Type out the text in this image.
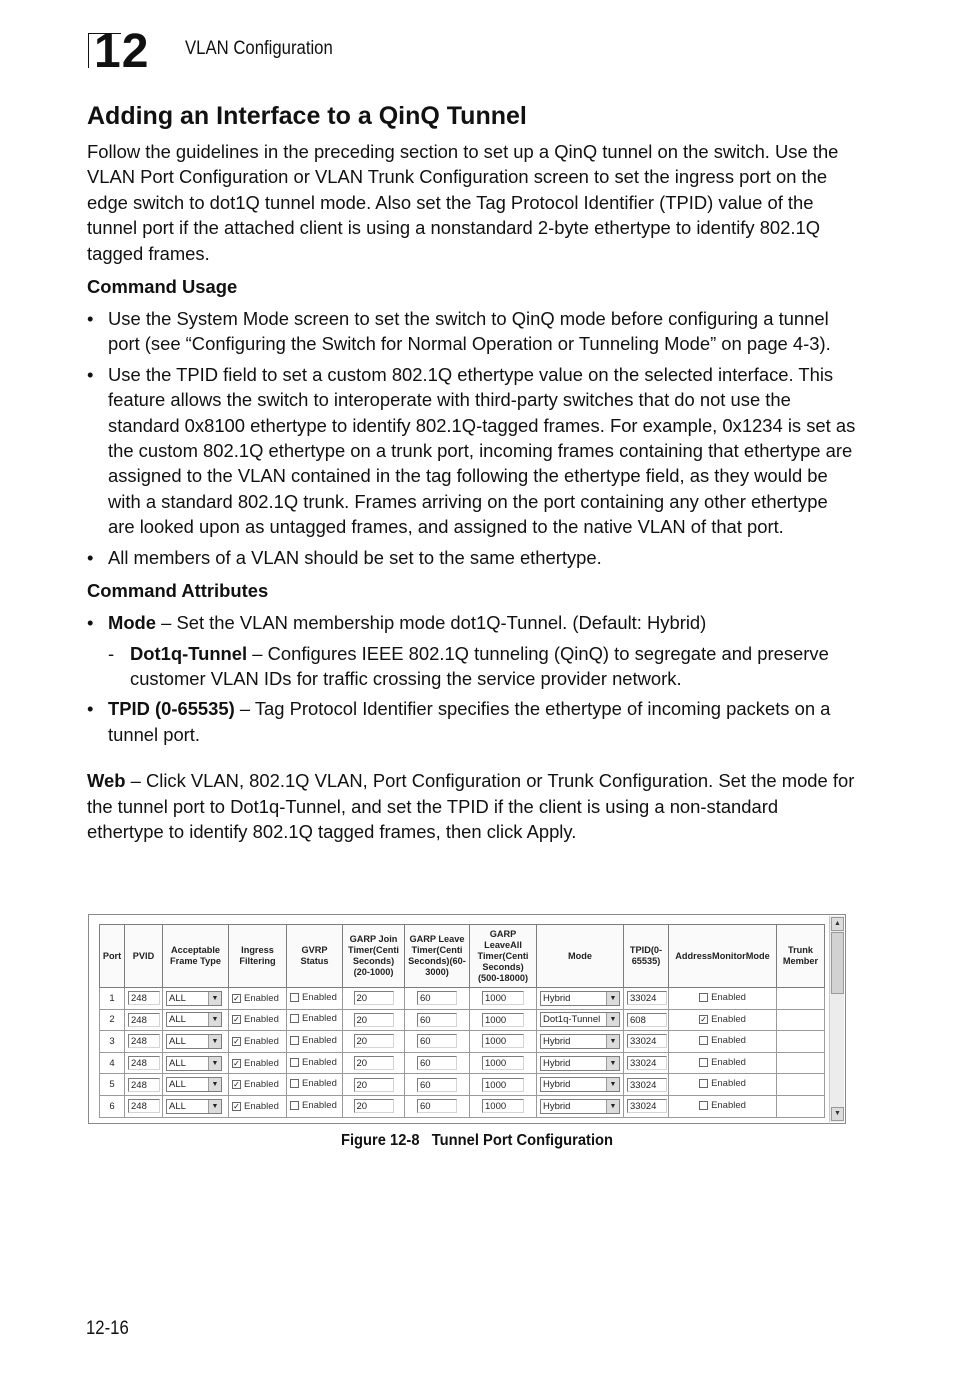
12 VLAN Configuration
Adding an Interface to a QinQ Tunnel

Follow the guidelines in the preceding section to set up a QinQ tunnel on the switch. Use the VLAN Port Configuration or VLAN Trunk Configuration screen to set the ingress port on the edge switch to dot1Q tunnel mode. Also set the Tag Protocol Identifier (TPID) value of the tunnel port if the attached client is using a nonstandard 2-byte ethertype to identify 802.1Q tagged frames.

Command Usage
• Use the System Mode screen to set the switch to QinQ mode before configuring a tunnel port (see “Configuring the Switch for Normal Operation or Tunneling Mode” on page 4-3).
• Use the TPID field to set a custom 802.1Q ethertype value on the selected interface. This feature allows the switch to interoperate with third-party switches that do not use the standard 0x8100 ethertype to identify 802.1Q-tagged frames. For example, 0x1234 is set as the custom 802.1Q ethertype on a trunk port, incoming frames containing that ethertype are assigned to the VLAN contained in the tag following the ethertype field, as they would be with a standard 802.1Q trunk. Frames arriving on the port containing any other ethertype are looked upon as untagged frames, and assigned to the native VLAN of that port.
• All members of a VLAN should be set to the same ethertype.
Command Attributes
• Mode – Set the VLAN membership mode dot1Q-Tunnel. (Default: Hybrid)
- Dot1q-Tunnel – Configures IEEE 802.1Q tunneling (QinQ) to segregate and preserve customer VLAN IDs for traffic crossing the service provider network.
• TPID (0-65535) – Tag Protocol Identifier specifies the ethertype of incoming packets on a tunnel port.

Web – Click VLAN, 802.1Q VLAN, Port Configuration or Trunk Configuration. Set the mode for the tunnel port to Dot1q-Tunnel, and set the TPID if the client is using a non-standard ethertype to identify 802.1Q tagged frames, then click Apply.

Port	PVID	Acceptable Frame Type	Ingress Filtering	GVRP Status	GARP Join Timer(Centi Seconds) (20-1000)	GARP Leave Timer(Centi Seconds)(60-3000)	GARP LeaveAll Timer(Centi Seconds) (500-18000)	Mode	TPID(0-65535)	AddressMonitorMode	Trunk Member
1	248	ALL ▼	✓ Enabled	Enabled	20	60	1000	Hybrid ▼	33024	Enabled	

2	248	ALL ▼	✓ Enabled	Enabled	20	60	1000	Dot1q-Tunnel ▼	608	✓ Enabled	

3	248	ALL ▼	✓ Enabled	Enabled	20	60	1000	Hybrid ▼	33024	Enabled	

4	248	ALL ▼	✓ Enabled	Enabled	20	60	1000	Hybrid ▼	33024	Enabled	

5	248	ALL ▼	✓ Enabled	Enabled	20	60	1000	Hybrid ▼	33024	Enabled	

6	248	ALL ▼	✓ Enabled	Enabled	20	60	1000	Hybrid ▼	33024	Enabled	

▲
▼
Figure 12-8   Tunnel Port Configuration
12-16
